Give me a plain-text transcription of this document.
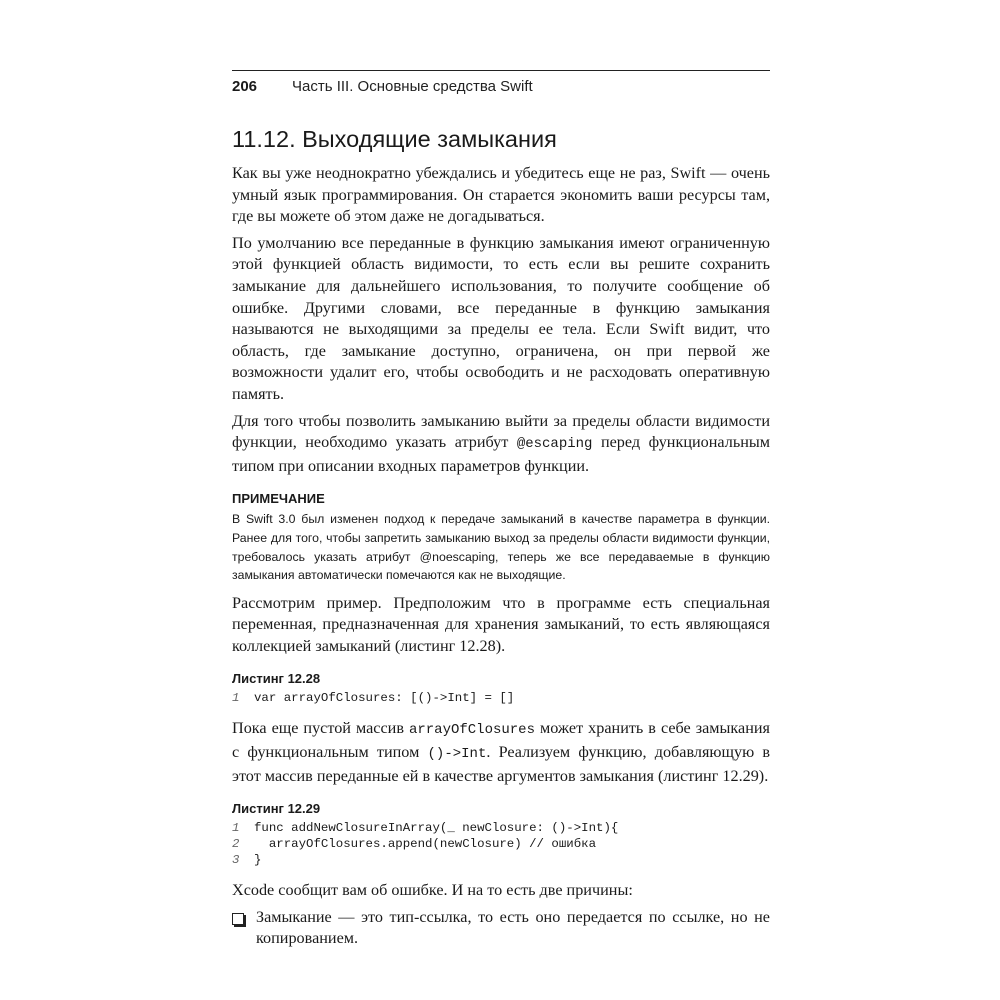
206	Часть III. Основные средства Swift
11.12. Выходящие замыкания

Как вы уже неоднократно убеждались и убедитесь еще не раз, Swift — очень умный язык программирования. Он старается экономить ваши ресурсы там, где вы можете об этом даже не догадываться.

По умолчанию все переданные в функцию замыкания имеют ограниченную этой функцией область видимости, то есть если вы решите сохранить замыкание для дальнейшего использования, то получите сообщение об ошибке. Другими словами, все переданные в функцию замыкания называются не выходящими за пределы ее тела. Если Swift видит, что область, где замыкание доступно, ограничена, он при первой же возможности удалит его, чтобы освободить и не расходовать оперативную память.

Для того чтобы позволить замыканию выйти за пределы области видимости функции, необходимо указать атрибут @escaping перед функциональным типом при описании входных параметров функции.

ПРИМЕЧАНИЕ

В Swift 3.0 был изменен подход к передаче замыканий в качестве параметра в функции. Ранее для того, чтобы запретить замыканию выход за пределы области видимости функции, требовалось указать атрибут @noescaping, теперь же все передаваемые в функцию замыкания автоматически помечаются как не выходящие.

Рассмотрим пример. Предположим что в программе есть специальная переменная, предназначенная для хранения замыканий, то есть являющаяся коллекцией замыканий (листинг 12.28).

Листинг 12.28
1 var arrayOfClosures: [()->Int] = []

Пока еще пустой массив arrayOfClosures может хранить в себе замыкания с функциональным типом ()->Int. Реализуем функцию, добавляющую в этот массив переданные ей в качестве аргументов замыкания (листинг 12.29).

Листинг 12.29
1 func addNewClosureInArray(_ newClosure: ()->Int){
2  arrayOfClosures.append(newClosure) // ошибка
3 }

Xcode сообщит вам об ошибке. И на то есть две причины:

Замыкание — это тип-ссылка, то есть оно передается по ссылке, но не копированием.
